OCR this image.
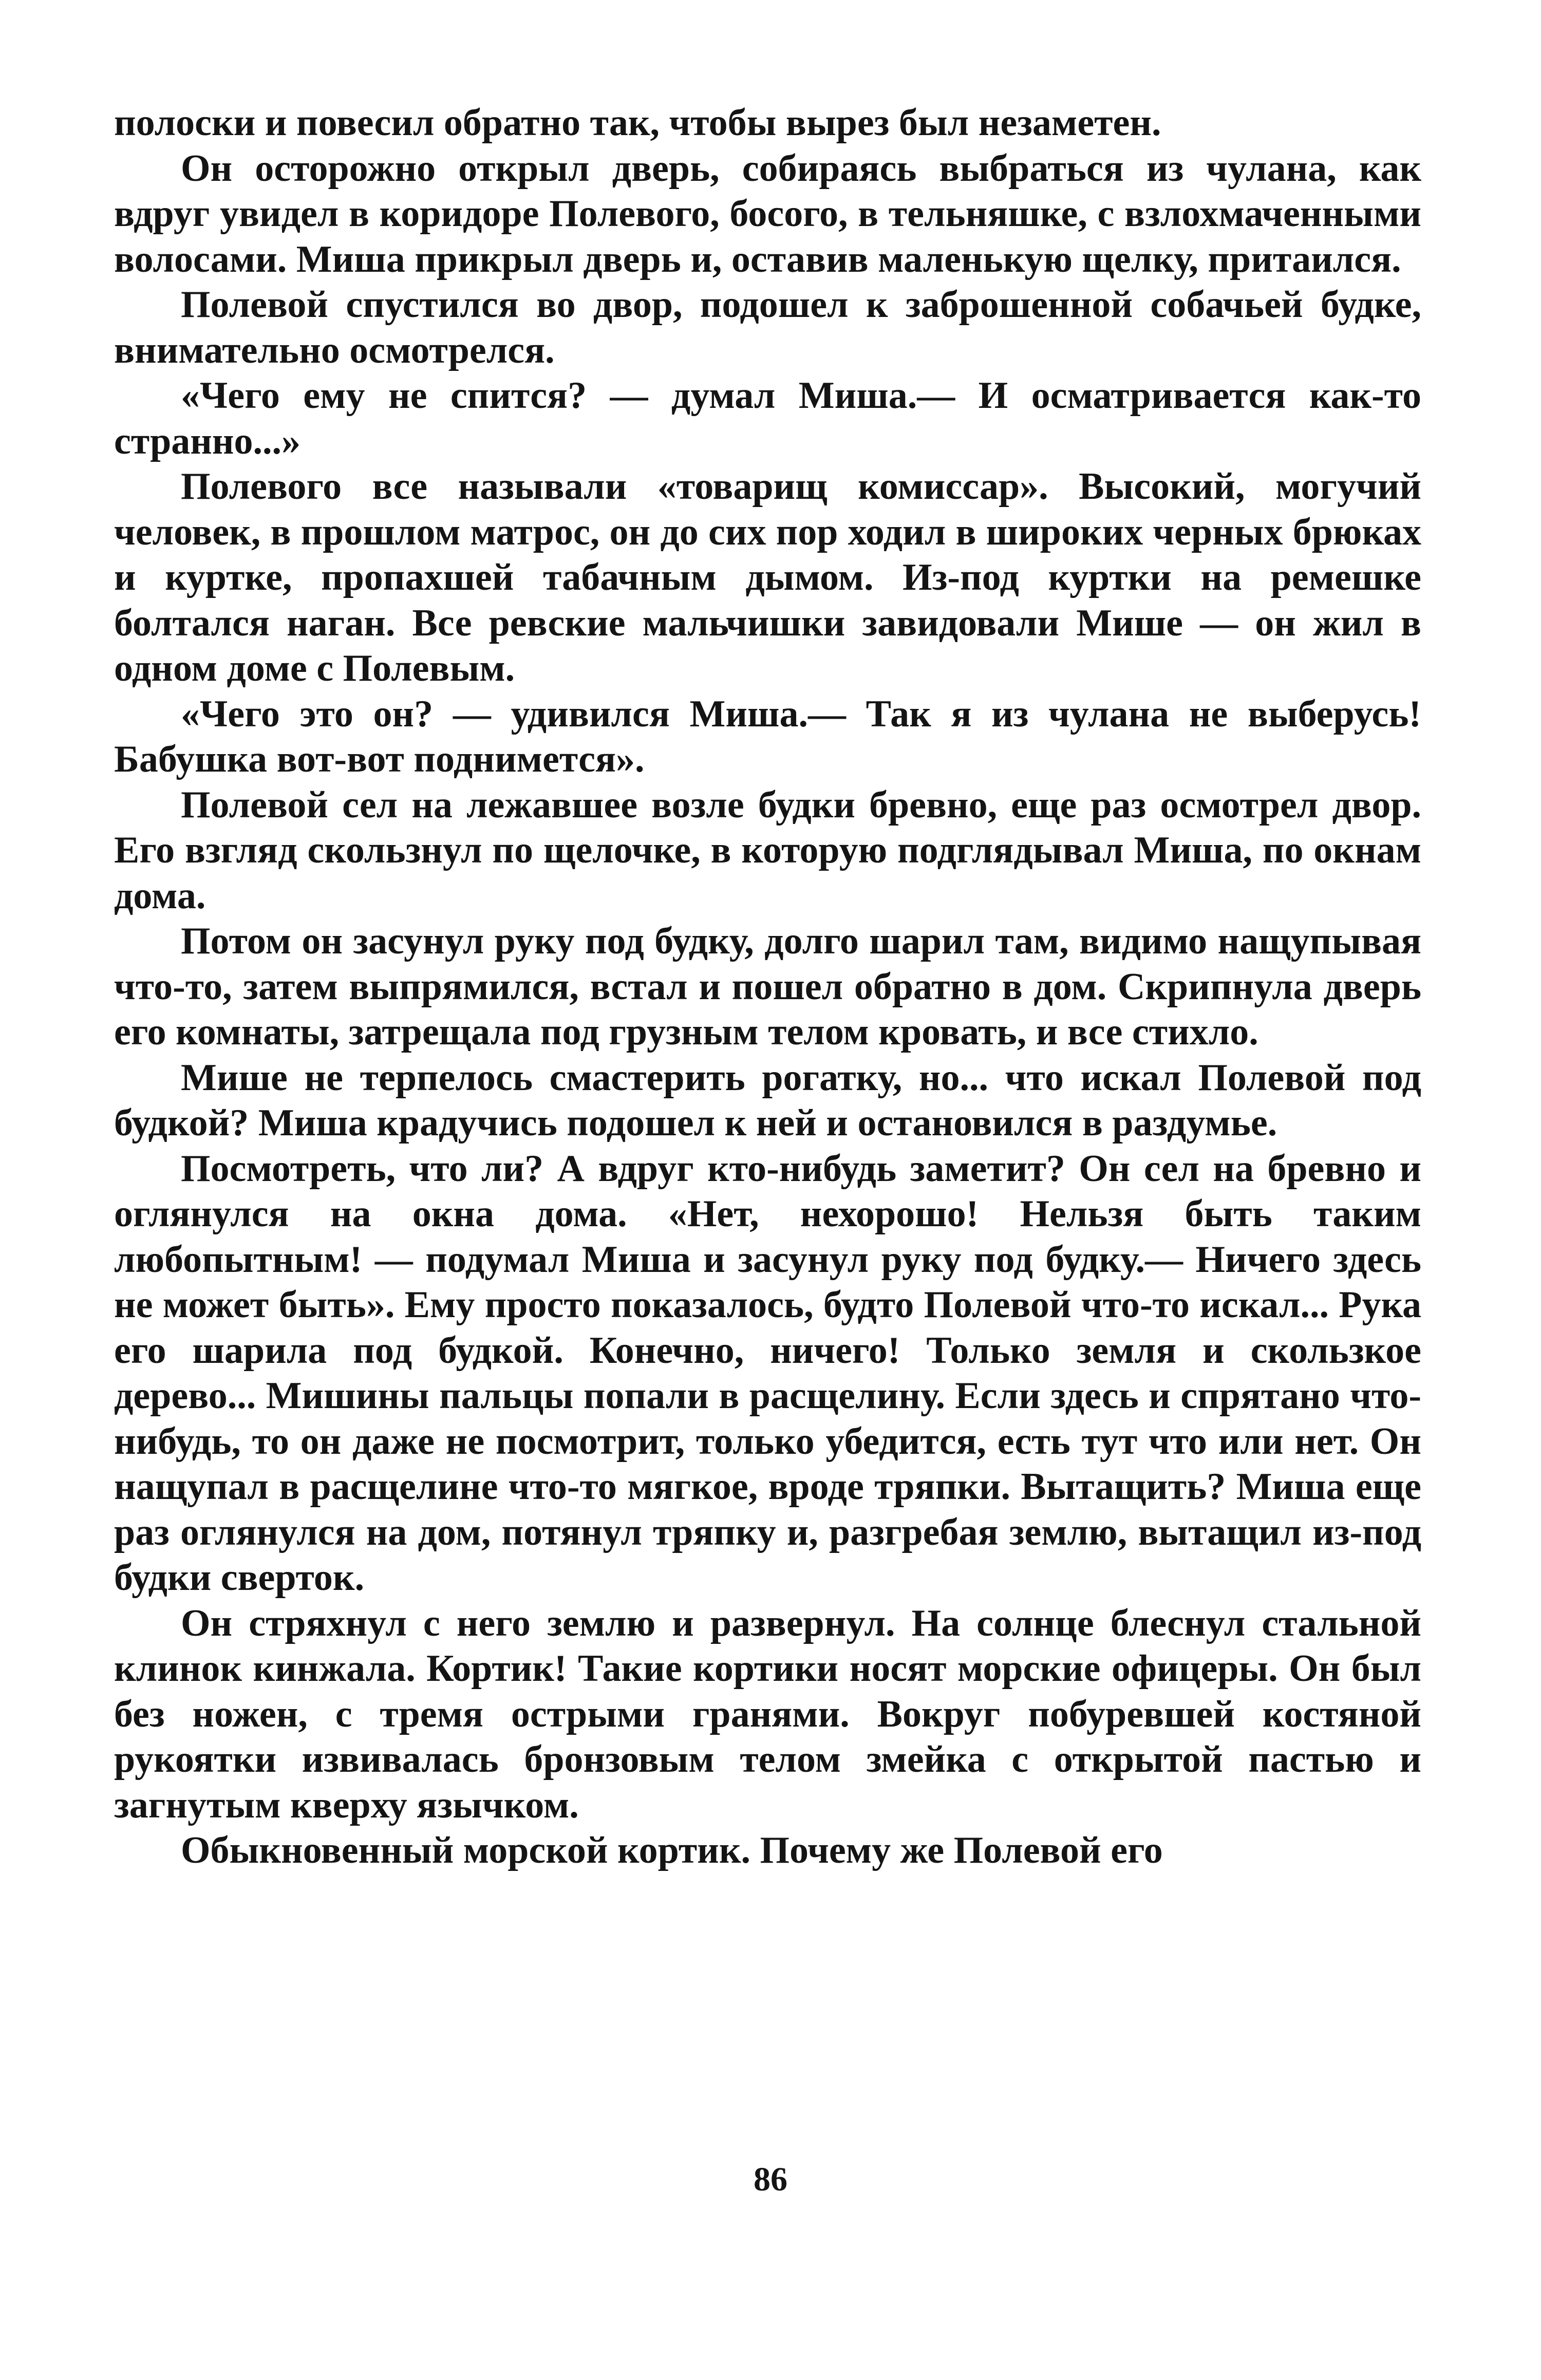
полоски и повесил обратно так, чтобы вырез был незаметен.

Он осторожно открыл дверь, собираясь выбраться из чулана, как вдруг увидел в коридоре Полевого, босого, в тельняшке, с взлохмаченными волосами. Миша прикрыл дверь и, оставив маленькую щелку, притаился.

Полевой спустился во двор, подошел к заброшенной собачьей будке, внимательно осмотрелся.

«Чего ему не спится? — думал Миша.— И осматривается как-то странно...»

Полевого все называли «товарищ комиссар». Высокий, могучий человек, в прошлом матрос, он до сих пор ходил в широких черных брюках и куртке, пропахшей табачным дымом. Из-под куртки на ремешке болтался наган. Все ревские мальчишки завидовали Мише — он жил в одном доме с Полевым.

«Чего это он? — удивился Миша.— Так я из чулана не выберусь! Бабушка вот-вот поднимется».

Полевой сел на лежавшее возле будки бревно, еще раз осмотрел двор. Его взгляд скользнул по щелочке, в которую подглядывал Миша, по окнам дома.

Потом он засунул руку под будку, долго шарил там, видимо нащупывая что-то, затем выпрямился, встал и пошел обратно в дом. Скрипнула дверь его комнаты, затрещала под грузным телом кровать, и все стихло.

Мише не терпелось смастерить рогатку, но... что искал Полевой под будкой? Миша крадучись подошел к ней и остановился в раздумье.

Посмотреть, что ли? А вдруг кто-нибудь заметит? Он сел на бревно и оглянулся на окна дома. «Нет, нехорошо! Нельзя быть таким любопытным! — подумал Миша и засунул руку под будку.— Ничего здесь не может быть». Ему просто показалось, будто Полевой что-то искал... Рука его шарила под будкой. Конечно, ничего! Только земля и скользкое дерево... Мишины пальцы попали в расщелину. Если здесь и спрятано что-нибудь, то он даже не посмотрит, только убедится, есть тут что или нет. Он нащупал в расщелине что-то мягкое, вроде тряпки. Вытащить? Миша еще раз оглянулся на дом, потянул тряпку и, разгребая землю, вытащил из-под будки сверток.

Он стряхнул с него землю и развернул. На солнце блеснул стальной клинок кинжала. Кортик! Такие кортики носят морские офицеры. Он был без ножен, с тремя острыми гранями. Вокруг побуревшей костяной рукоятки извивалась бронзовым телом змейка с открытой пастью и загнутым кверху язычком.

Обыкновенный морской кортик. Почему же Полевой его

86
